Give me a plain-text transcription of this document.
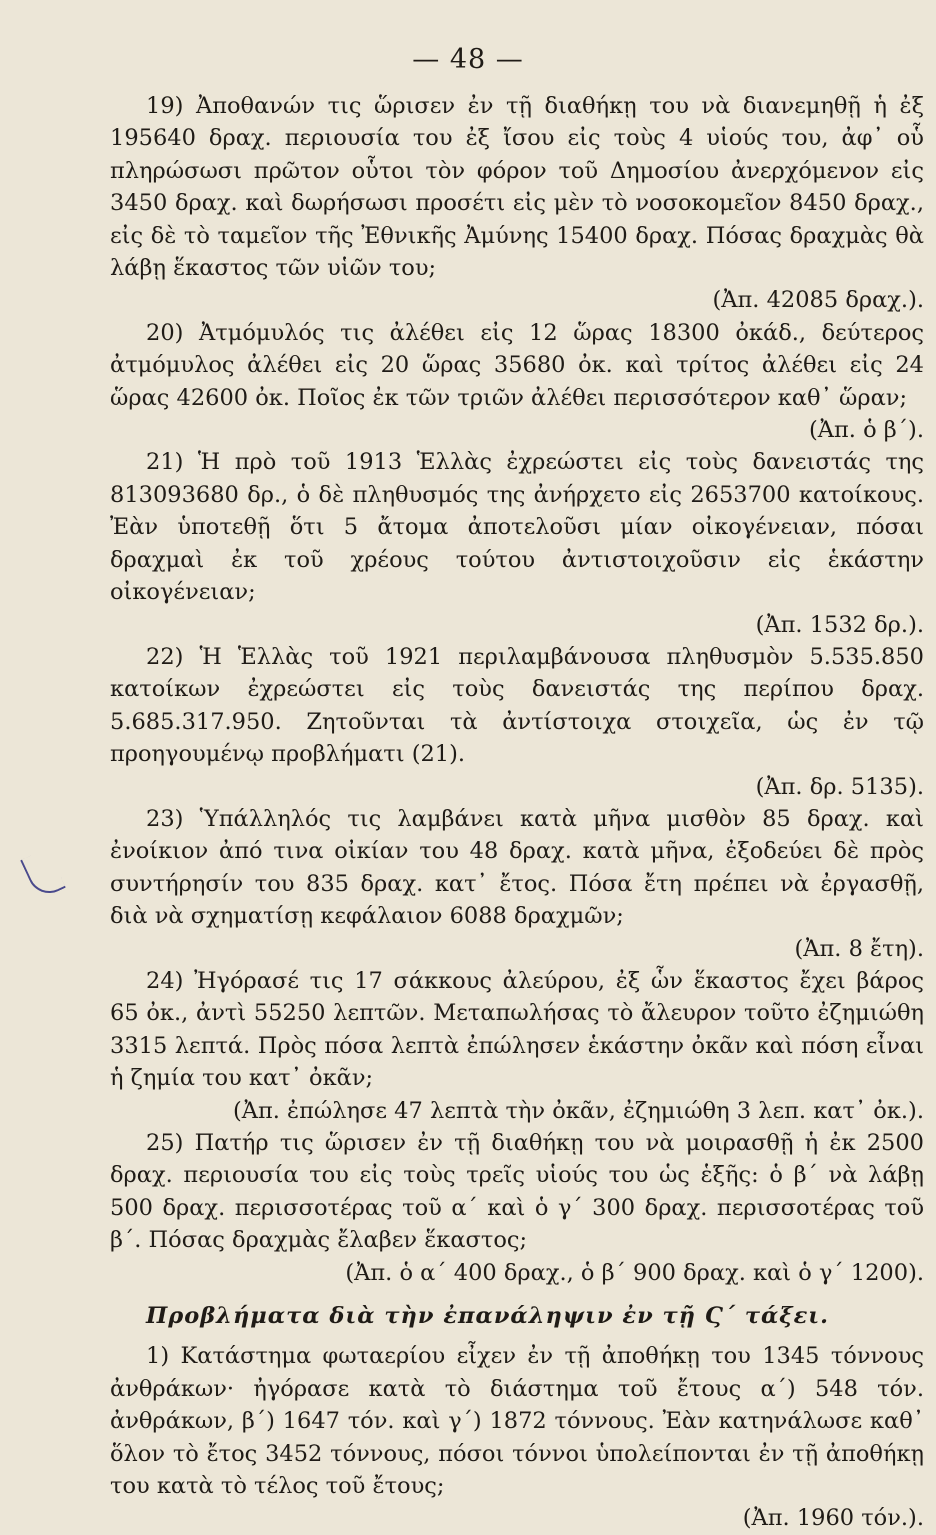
— 48 —

19) Ἀποθανών τις ὥρισεν ἐν τῇ διαθήκῃ του νὰ διανεμηθῇ ἡ ἐξ 195640 δραχ. περιουσία του ἐξ ἴσου εἰς τοὺς 4 υἱούς του, ἀφ᾽ οὗ πληρώσωσι πρῶτον οὗτοι τὸν φόρον τοῦ Δημοσίου ἀνερχόμενον εἰς 3450 δραχ. καὶ δωρήσωσι προσέτι εἰς μὲν τὸ νοσοκομεῖον 8450 δραχ., εἰς δὲ τὸ ταμεῖον τῆς Ἐθνικῆς Ἀμύνης 15400 δραχ. Πόσας δραχμὰς θὰ λάβῃ ἕκαστος τῶν υἱῶν του;

(Ἀπ. 42085 δραχ.).

20) Ἀτμόμυλός τις ἀλέθει εἰς 12 ὥρας 18300 ὀκάδ., δεύτερος ἀτμόμυλος ἀλέθει εἰς 20 ὥρας 35680 ὀκ. καὶ τρίτος ἀλέθει εἰς 24 ὥρας 42600 ὀκ. Ποῖος ἐκ τῶν τριῶν ἀλέθει περισσότερον καθ᾽ ὥραν;

(Ἀπ. ὁ β΄).

21) Ἡ πρὸ τοῦ 1913 Ἑλλὰς ἐχρεώστει εἰς τοὺς δανειστάς της 813093680 δρ., ὁ δὲ πληθυσμός της ἀνήρχετο εἰς 2653700 κατοίκους. Ἐὰν ὑποτεθῇ ὅτι 5 ἄτομα ἀποτελοῦσι μίαν οἰκογένειαν, πόσαι δραχμαὶ ἐκ τοῦ χρέους τούτου ἀντιστοιχοῦσιν εἰς ἑκάστην οἰκογένειαν;

(Ἀπ. 1532 δρ.).

22) Ἡ Ἑλλὰς τοῦ 1921 περιλαμβάνουσα πληθυσμὸν 5.535.850 κατοίκων ἐχρεώστει εἰς τοὺς δανειστάς της περίπου δραχ. 5.685.317.950. Ζητοῦνται τὰ ἀντίστοιχα στοιχεῖα, ὡς ἐν τῷ προηγουμένῳ προβλήματι (21).

(Ἀπ. δρ. 5135).

23) Ὑπάλληλός τις λαμβάνει κατὰ μῆνα μισθὸν 85 δραχ. καὶ ἐνοίκιον ἀπό τινα οἰκίαν του 48 δραχ. κατὰ μῆνα, ἐξοδεύει δὲ πρὸς συντήρησίν του 835 δραχ. κατ᾽ ἔτος. Πόσα ἔτη πρέπει νὰ ἐργασθῇ, διὰ νὰ σχηματίσῃ κεφάλαιον 6088 δραχμῶν;

(Ἀπ. 8 ἔτη).

24) Ἠγόρασέ τις 17 σάκκους ἀλεύρου, ἐξ ὧν ἕκαστος ἔχει βάρος 65 ὀκ., ἀντὶ 55250 λεπτῶν. Μεταπωλήσας τὸ ἄλευρον τοῦτο ἐζημιώθη 3315 λεπτά. Πρὸς πόσα λεπτὰ ἐπώλησεν ἑκάστην ὀκᾶν καὶ πόση εἶναι ἡ ζημία του κατ᾽ ὀκᾶν;

(Ἀπ. ἐπώλησε 47 λεπτὰ τὴν ὀκᾶν, ἐζημιώθη 3 λεπ. κατ᾽ ὀκ.).

25) Πατήρ τις ὥρισεν ἐν τῇ διαθήκῃ του νὰ μοιρασθῇ ἡ ἐκ 2500 δραχ. περιουσία του εἰς τοὺς τρεῖς υἱούς του ὡς ἑξῆς: ὁ β΄ νὰ λάβῃ 500 δραχ. περισσοτέρας τοῦ α΄ καὶ ὁ γ΄ 300 δραχ. περισσοτέρας τοῦ β΄. Πόσας δραχμὰς ἔλαβεν ἕκαστος;

(Ἀπ. ὁ α΄ 400 δραχ., ὁ β΄ 900 δραχ. καὶ ὁ γ΄ 1200).

Προβλήματα διὰ τὴν ἐπανάληψιν ἐν τῇ Ϛ΄ τάξει.

1) Κατάστημα φωταερίου εἶχεν ἐν τῇ ἀποθήκῃ του 1345 τόννους ἀνθράκων· ἠγόρασε κατὰ τὸ διάστημα τοῦ ἔτους α΄) 548 τόν. ἀνθράκων, β΄) 1647 τόν. καὶ γ΄) 1872 τόννους. Ἐὰν κατηνάλωσε καθ᾽ ὅλον τὸ ἔτος 3452 τόννους, πόσοι τόννοι ὑπολείπονται ἐν τῇ ἀποθήκῃ του κατὰ τὸ τέλος τοῦ ἔτους;

(Ἀπ. 1960 τόν.).
